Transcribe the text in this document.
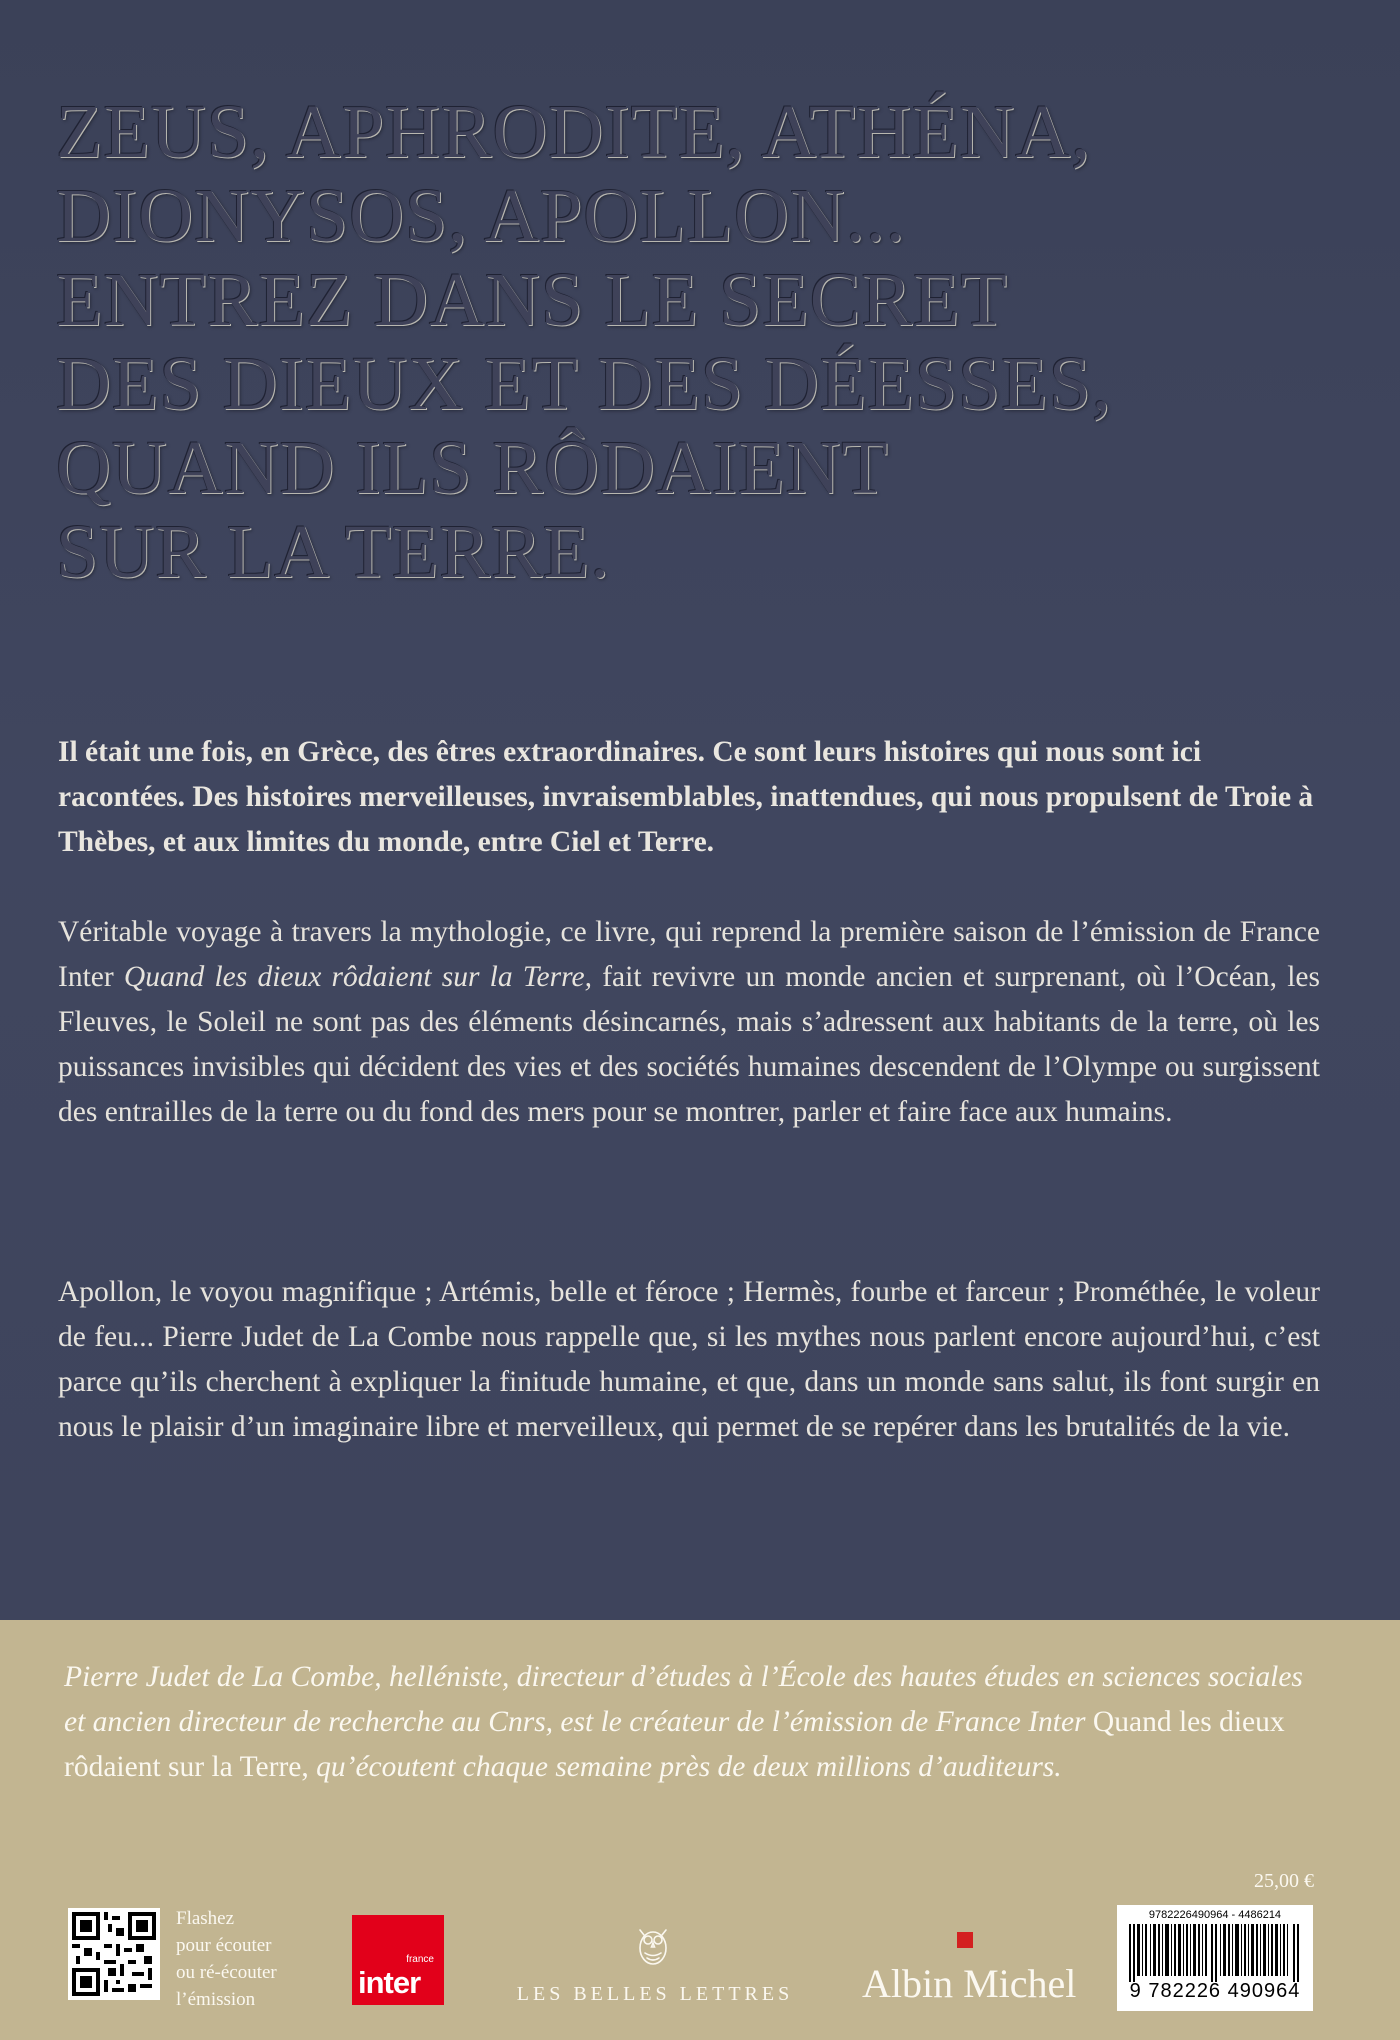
ZEUS, APHRODITE, ATHÉNA,
DIONYSOS, APOLLON...
ENTREZ DANS LE SECRET
DES DIEUX ET DES DÉESSES,
QUAND ILS RÔDAIENT
SUR LA TERRE.
Il était une fois, en Grèce, des êtres extraordinaires. Ce sont leurs histoires qui nous sont ici racontées. Des histoires merveilleuses, invraisemblables, inattendues, qui nous propulsent de Troie à Thèbes, et aux limites du monde, entre Ciel et Terre.
Véritable voyage à travers la mythologie, ce livre, qui reprend la première saison de l’émission de France Inter Quand les dieux rôdaient sur la Terre, fait revivre un monde ancien et surprenant, où l’Océan, les Fleuves, le Soleil ne sont pas des éléments désincarnés, mais s’adressent aux habitants de la terre, où les puissances invisibles qui décident des vies et des sociétés humaines descendent de l’Olympe ou surgissent des entrailles de la terre ou du fond des mers pour se montrer, parler et faire face aux humains.
Apollon, le voyou magnifique ; Artémis, belle et féroce ; Hermès, fourbe et farceur ; Prométhée, le voleur de feu... Pierre Judet de La Combe nous rappelle que, si les mythes nous parlent encore aujourd’hui, c’est parce qu’ils cherchent à expliquer la finitude humaine, et que, dans un monde sans salut, ils font surgir en nous le plaisir d’un imaginaire libre et merveilleux, qui permet de se repérer dans les brutalités de la vie.
Pierre Judet de La Combe, helléniste, directeur d’études à l’École des hautes études en sciences sociales et ancien directeur de recherche au Cnrs, est le créateur de l’émission de France Inter Quand les dieux rôdaient sur la Terre, qu’écoutent chaque semaine près de deux millions d’auditeurs.
25,00 €
Flashez
pour écouter
ou ré-écouter
l’émission
france
inter	LES BELLES LETTRES Albin Michel
9782226490964 - 4486214
9 782226 490964
